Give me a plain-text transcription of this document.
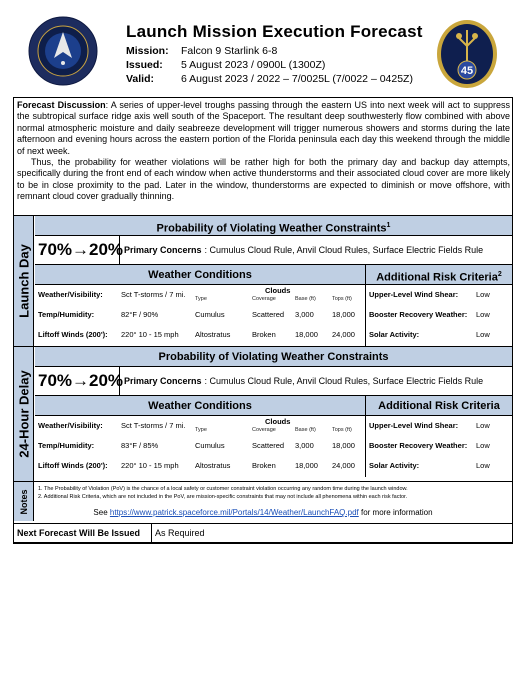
Launch Mission Execution Forecast
Mission:	Falcon 9 Starlink 6-8
Issued:	5 August 2023 / 0900L (1300Z)
Valid:	6 August 2023 / 2022 – 7/0025L (7/0022 – 0425Z)
45

Forecast Discussion: A series of upper-level troughs passing through the eastern US into next week will act to suppress the subtropical surface ridge axis well south of the Spaceport. The resultant deep southwesterly flow combined with above normal atmospheric moisture and daily seabreeze development will trigger numerous showers and storms during the late afternoon and evening hours across the eastern portion of the Florida peninsula each day this weekend through the middle of next week.

Thus, the probability for weather violations will be rather high for both the primary day and backup day attempts, specifically during the front end of each window when active thunderstorms and their associated cloud cover are more likely to be in close proximity to the pad. Later in the window, thunderstorms are expected to diminish or move offshore, with remnant cloud cover gradually thinning.

Launch Day
Probability of Violating Weather Constraints$^1$
70%→20% Primary Concerns : Cumulus Cloud Rule, Anvil Cloud Rules, Surface Electric Fields Rule
Weather Conditions	Additional Risk Criteria$^2$
Weather/Visibility: Sct T-storms / 7 mi.
Temp/Humidity:	82°F / 90%
Liftoff Winds (200'): 220° 10 - 15 mph
Clouds
Type	Coverage	Base (ft)	Tops (ft)
Cumulus	Scattered 3,000 18,000
Altostratus	Broken	18,000 24,000
Upper-Level Wind Shear: Low
Booster Recovery Weather: Low
Solar Activity:	Low
24-Hour Delay
Probability of Violating Weather Constraints
70%→20% Primary Concerns : Cumulus Cloud Rule, Anvil Cloud Rules, Surface Electric Fields Rule
Weather Conditions	Additional Risk Criteria
Weather/Visibility: Sct T-storms / 7 mi.
Temp/Humidity:	83°F / 85%
Liftoff Winds (200'): 220° 10 - 15 mph
Clouds
Type	Coverage	Base (ft)	Tops (ft)
Cumulus	Scattered 3,000 18,000
Altostratus	Broken	18,000 24,000
Upper-Level Wind Shear: Low
Booster Recovery Weather: Low
Solar Activity:	Low
Notes 1. The Probability of Violation (PoV) is the chance of a local safety or customer constraint violation occurring any random time during the launch window.
2. Additional Risk Criteria, which are not included in the PoV, are mission-specific constraints that may not include all phenomena within each risk factor.
See https://www.patrick.spaceforce.mil/Portals/14/Weather/LaunchFAQ.pdf for more information
Next Forecast Will Be Issued	As Required
